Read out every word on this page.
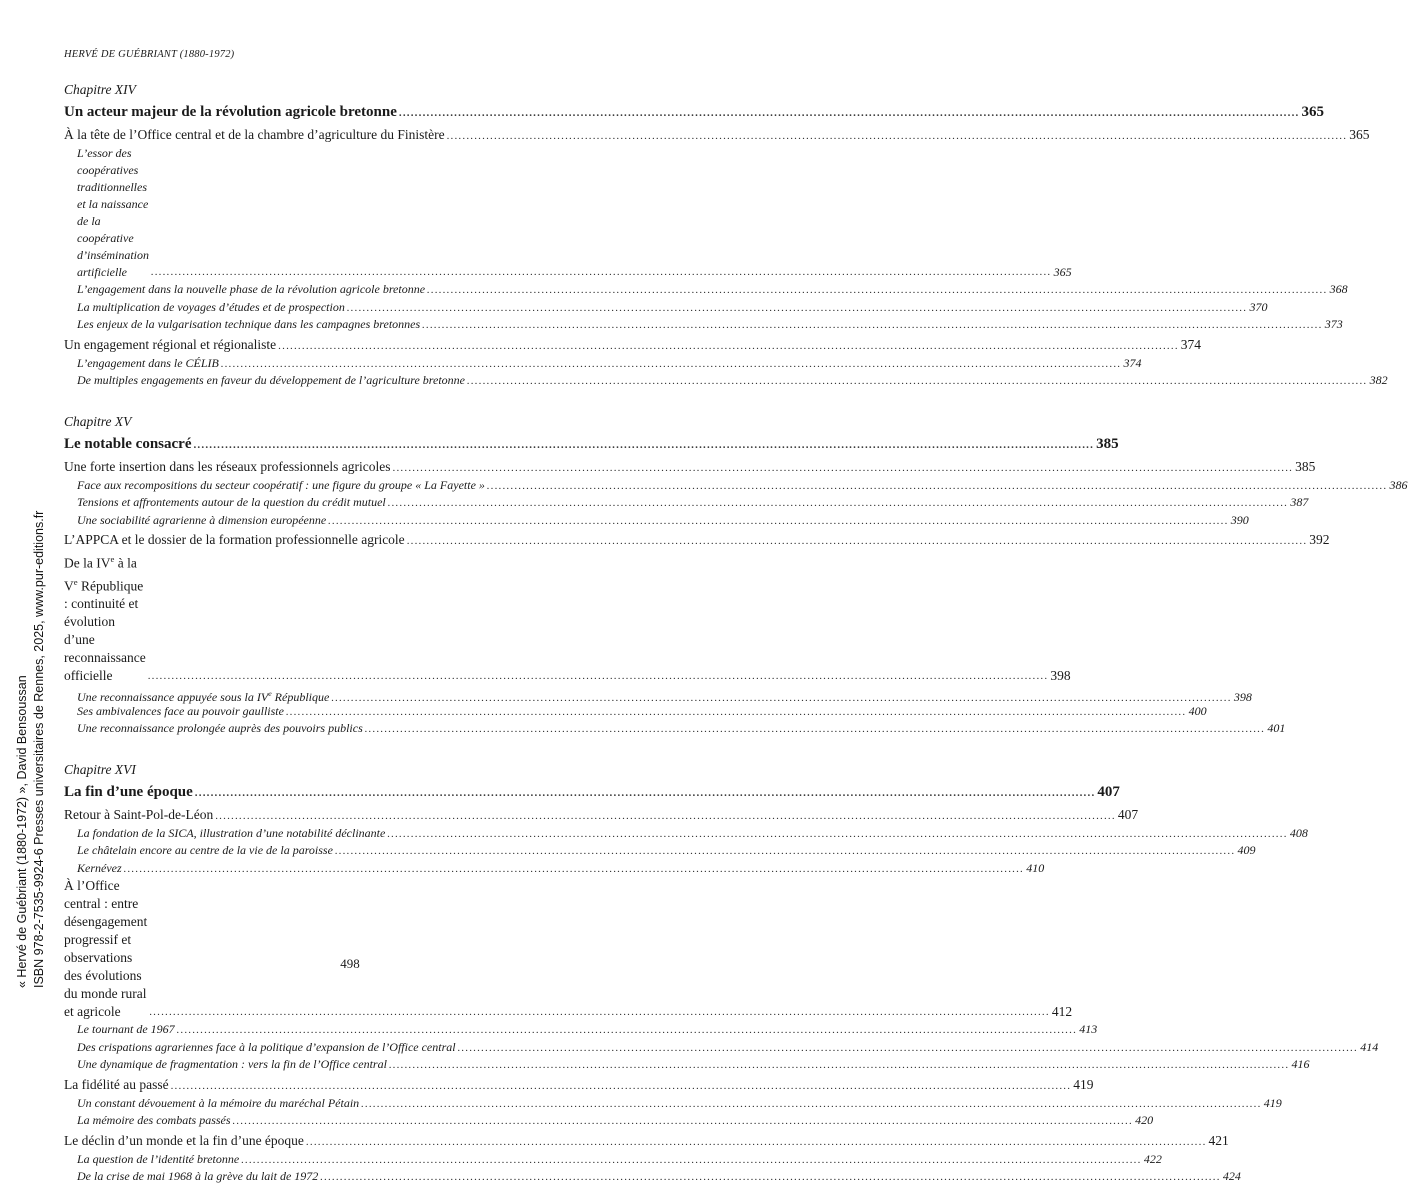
HERVÉ DE GUÉBRIANT (1880-1972)
Chapitre XIV
Un acteur majeur de la révolution agricole bretonne .....	365
À la tête de l’Office central et de la chambre d’agriculture du Finistère .....	365
L’essor des coopératives traditionnelles et la naissance de la coopérative
d’insémination artificielle .....	365
L’engagement dans la nouvelle phase de la révolution agricole bretonne .....	368
La multiplication de voyages d’études et de prospection .....	370
Les enjeux de la vulgarisation technique dans les campagnes bretonnes .....	373
Un engagement régional et régionaliste .....	374
L’engagement dans le CÉLIB .....	374
De multiples engagements en faveur du développement de l’agriculture bretonne .....	382
Chapitre XV
Le notable consacré .....	385
Une forte insertion dans les réseaux professionnels agricoles .....	385
Face aux recompositions du secteur coopératif : une figure du groupe « La Fayette » .....	386
Tensions et affrontements autour de la question du crédit mutuel .....	387
Une sociabilité agrarienne à dimension européenne .....	390
L’APPCA et le dossier de la formation professionnelle agricole .....	392
De la IVe à la Ve République : continuité et évolution
d’une reconnaissance officielle .....	398
Une reconnaissance appuyée sous la IVe République .....	398
Ses ambivalences face au pouvoir gaulliste .....	400
Une reconnaissance prolongée auprès des pouvoirs publics .....	401
Chapitre XVI
La fin d’une époque .....	407
Retour à Saint-Pol-de-Léon .....	407
La fondation de la SICA, illustration d’une notabilité déclinante .....	408
Le châtelain encore au centre de la vie de la paroisse .....	409
Kernévez .....	410
À l’Office central : entre désengagement progressif et observations
des évolutions du monde rural et agricole .....	412
Le tournant de 1967 .....	413
Des crispations agrariennes face à la politique d’expansion de l’Office central .....	414
Une dynamique de fragmentation : vers la fin de l’Office central .....	416
La fidélité au passé .....	419
Un constant dévouement à la mémoire du maréchal Pétain .....	419
La mémoire des combats passés .....	420
Le déclin d’un monde et la fin d’une époque .....	421
La question de l’identité bretonne .....	422
De la crise de mai 1968 à la grève du lait de 1972 .....	424
498
« Hervé de Guébriant (1880-1972) », David Bensoussan ISBN 978-2-7535-9924-6 Presses universitaires de Rennes, 2025, www.pur-editions.fr
